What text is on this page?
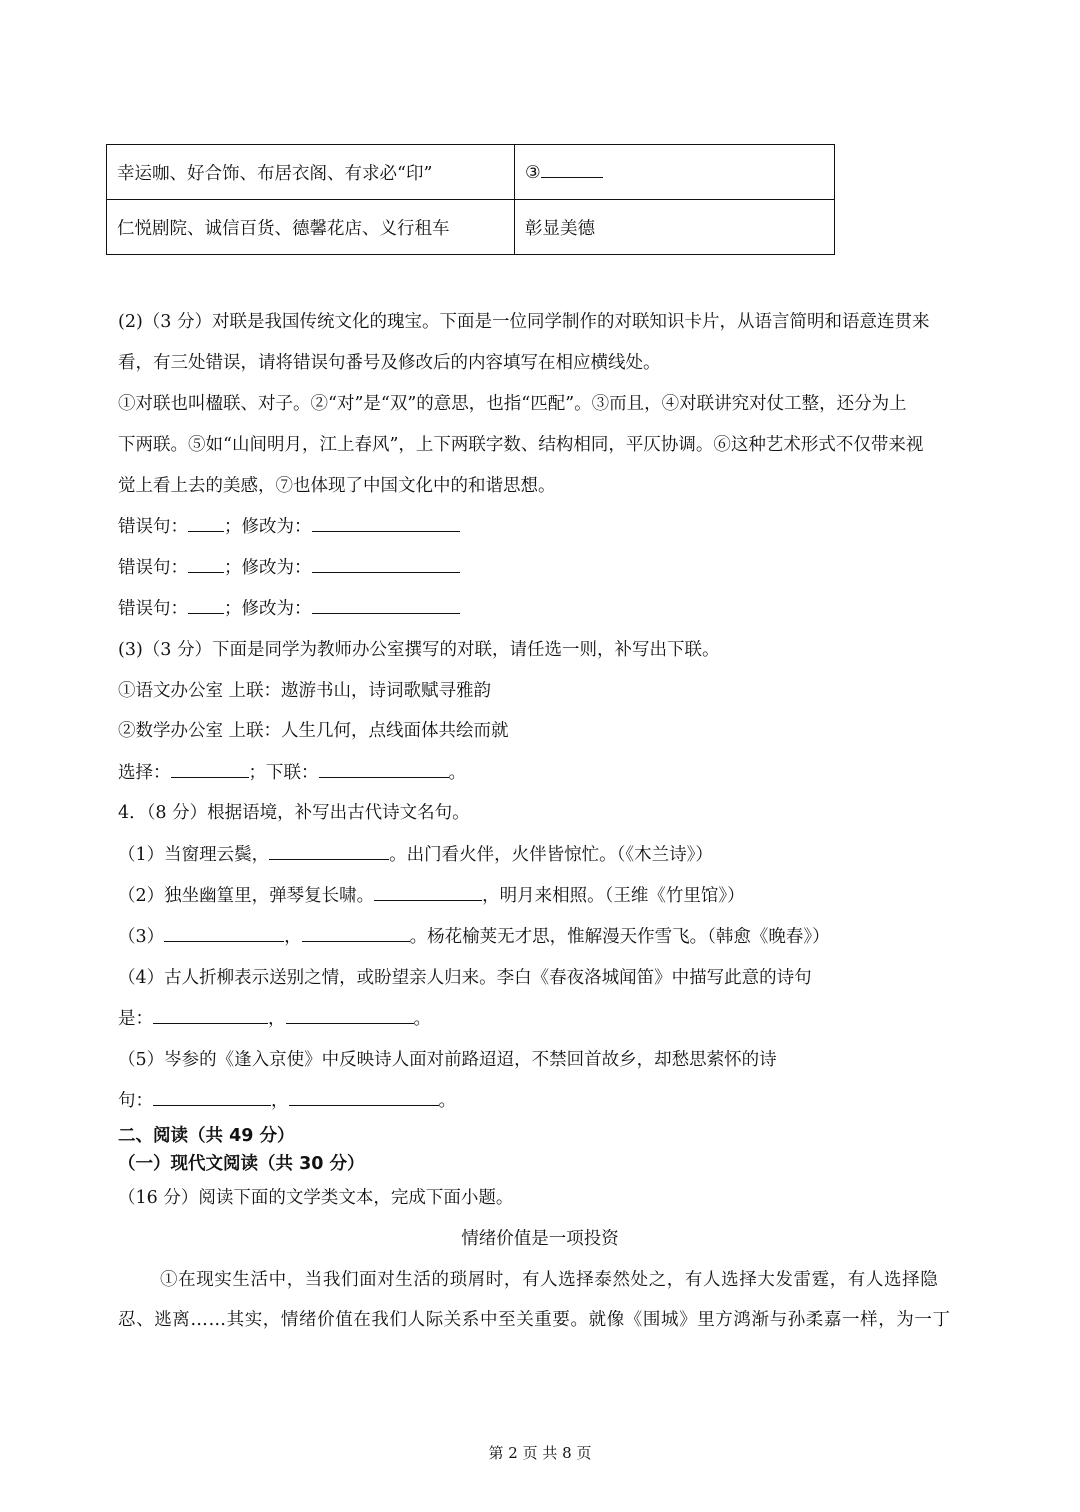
幸运咖、好合饰、布居衣阁、有求必“印”	③
仁悦剧院、诚信百货、德馨花店、义行租车	彰显美德
(2)（3 分）对联是我国传统文化的瑰宝。下面是一位同学制作的对联知识卡片，从语言简明和语意连贯来
看，有三处错误，请将错误句番号及修改后的内容填写在相应横线处。
①对联也叫楹联、对子。②“对”是“双”的意思，也指“匹配”。③而且，④对联讲究对仗工整，还分为上
下两联。⑤如“山间明月，江上春风”，上下两联字数、结构相同，平仄协调。⑥这种艺术形式不仅带来视
觉上看上去的美感，⑦也体现了中国文化中的和谐思想。
错误句： ；修改为：
错误句： ；修改为：
错误句： ；修改为：
(3)（3 分）下面是同学为教师办公室撰写的对联，请任选一则，补写出下联。
①语文办公室 上联：遨游书山，诗词歌赋寻雅韵
②数学办公室 上联：人生几何，点线面体共绘而就
选择：	；下联：	。
4．（8 分）根据语境，补写出古代诗文名句。
（1）当窗理云鬓，	。出门看火伴，火伴皆惊忙。（《木兰诗》）
（2）独坐幽篁里，弹琴复长啸。	，明月来相照。（王维《竹里馆》）
（3）	，	。杨花榆荚无才思，惟解漫天作雪飞。（韩愈《晚春》）
（4）古人折柳表示送别之情，或盼望亲人归来。李白《春夜洛城闻笛》中描写此意的诗句
是：	，	。
（5）岑参的《逢入京使》中反映诗人面对前路迢迢，不禁回首故乡，却愁思萦怀的诗
句：	，	。
二、阅读（共 49 分）
（一）现代文阅读（共 30 分）
（16 分）阅读下面的文学类文本，完成下面小题。
情绪价值是一项投资
①在现实生活中，当我们面对生活的琐屑时，有人选择泰然处之，有人选择大发雷霆，有人选择隐
忍、逃离……其实，情绪价值在我们人际关系中至关重要。就像《围城》里方鸿渐与孙柔嘉一样，为一丁
第 2 页 共 8 页
